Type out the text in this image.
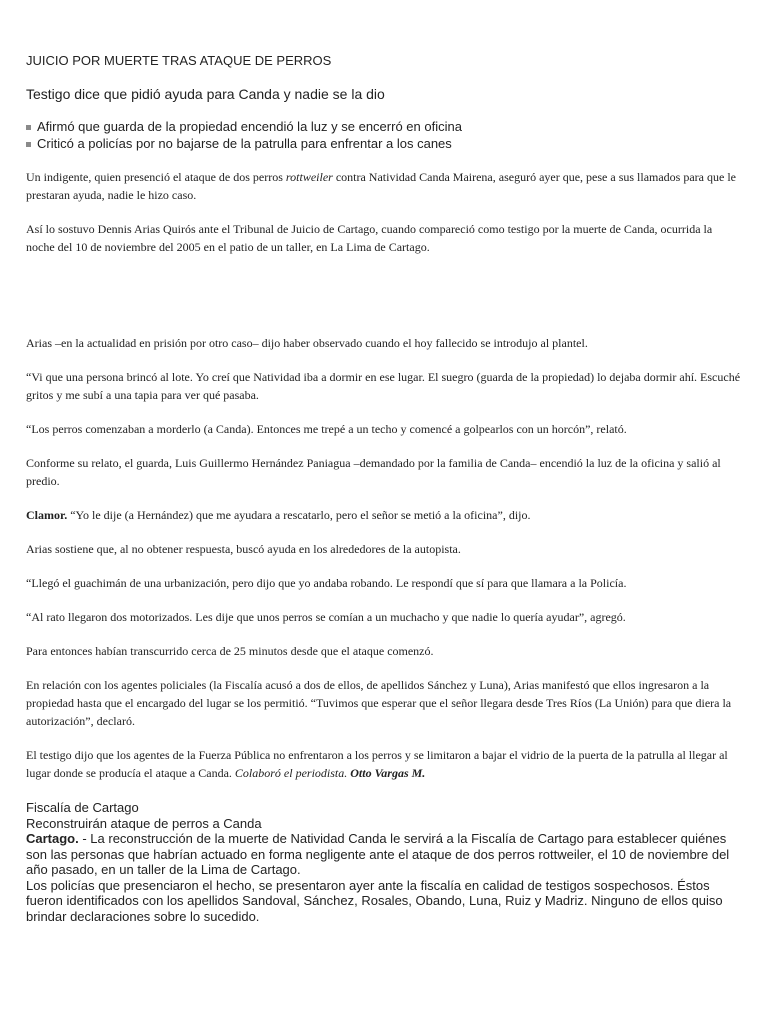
JUICIO POR MUERTE TRAS ATAQUE DE PERROS
Testigo dice que pidió ayuda para Canda y nadie se la dio
Afirmó que guarda de la propiedad encendió la luz y se encerró en oficina
Criticó a policías por no bajarse de la patrulla para enfrentar a los canes

Un indigente, quien presenció el ataque de dos perros rottweiler contra Natividad Canda Mairena, aseguró ayer que, pese a sus llamados para que le prestaran ayuda, nadie le hizo caso.

Así lo sostuvo Dennis Arias Quirós ante el Tribunal de Juicio de Cartago, cuando compareció como testigo por la muerte de Canda, ocurrida la noche del 10 de noviembre del 2005 en el patio de un taller, en La Lima de Cartago.

Arias –en la actualidad en prisión por otro caso– dijo haber observado cuando el hoy fallecido se introdujo al plantel.

“Vi que una persona brincó al lote. Yo creí que Natividad iba a dormir en ese lugar. El suegro (guarda de la propiedad) lo dejaba dormir ahí. Escuché gritos y me subí a una tapia para ver qué pasaba.

“Los perros comenzaban a morderlo (a Canda). Entonces me trepé a un techo y comencé a golpearlos con un horcón”, relató.

Conforme su relato, el guarda, Luis Guillermo Hernández Paniagua –demandado por la familia de Canda– encendió la luz de la oficina y salió al predio.

Clamor. “Yo le dije (a Hernández) que me ayudara a rescatarlo, pero el señor se metió a la oficina”, dijo.

Arias sostiene que, al no obtener respuesta, buscó ayuda en los alrededores de la autopista.

“Llegó el guachimán de una urbanización, pero dijo que yo andaba robando. Le respondí que sí para que llamara a la Policía.

“Al rato llegaron dos motorizados. Les dije que unos perros se comían a un muchacho y que nadie lo quería ayudar”, agregó.

Para entonces habían transcurrido cerca de 25 minutos desde que el ataque comenzó.

En relación con los agentes policiales (la Fiscalía acusó a dos de ellos, de apellidos Sánchez y Luna), Arias manifestó que ellos ingresaron a la propiedad hasta que el encargado del lugar se los permitió. “Tuvimos que esperar que el señor llegara desde Tres Ríos (La Unión) para que diera la autorización”, declaró.

El testigo dijo que los agentes de la Fuerza Pública no enfrentaron a los perros y se limitaron a bajar el vidrio de la puerta de la patrulla al llegar al lugar donde se producía el ataque a Canda. Colaboró el periodista. Otto Vargas M.

Fiscalía de Cartago
Reconstruirán ataque de perros a Canda
Cartago. - La reconstrucción de la muerte de Natividad Canda le servirá a la Fiscalía de Cartago para establecer quiénes son las personas que habrían actuado en forma negligente ante el ataque de dos perros rottweiler, el 10 de noviembre del año pasado, en un taller de la Lima de Cartago.
Los policías que presenciaron el hecho, se presentaron ayer ante la fiscalía en calidad de testigos sospechosos. Éstos fueron identificados con los apellidos Sandoval, Sánchez, Rosales, Obando, Luna, Ruiz y Madriz. Ninguno de ellos quiso brindar declaraciones sobre lo sucedido.
